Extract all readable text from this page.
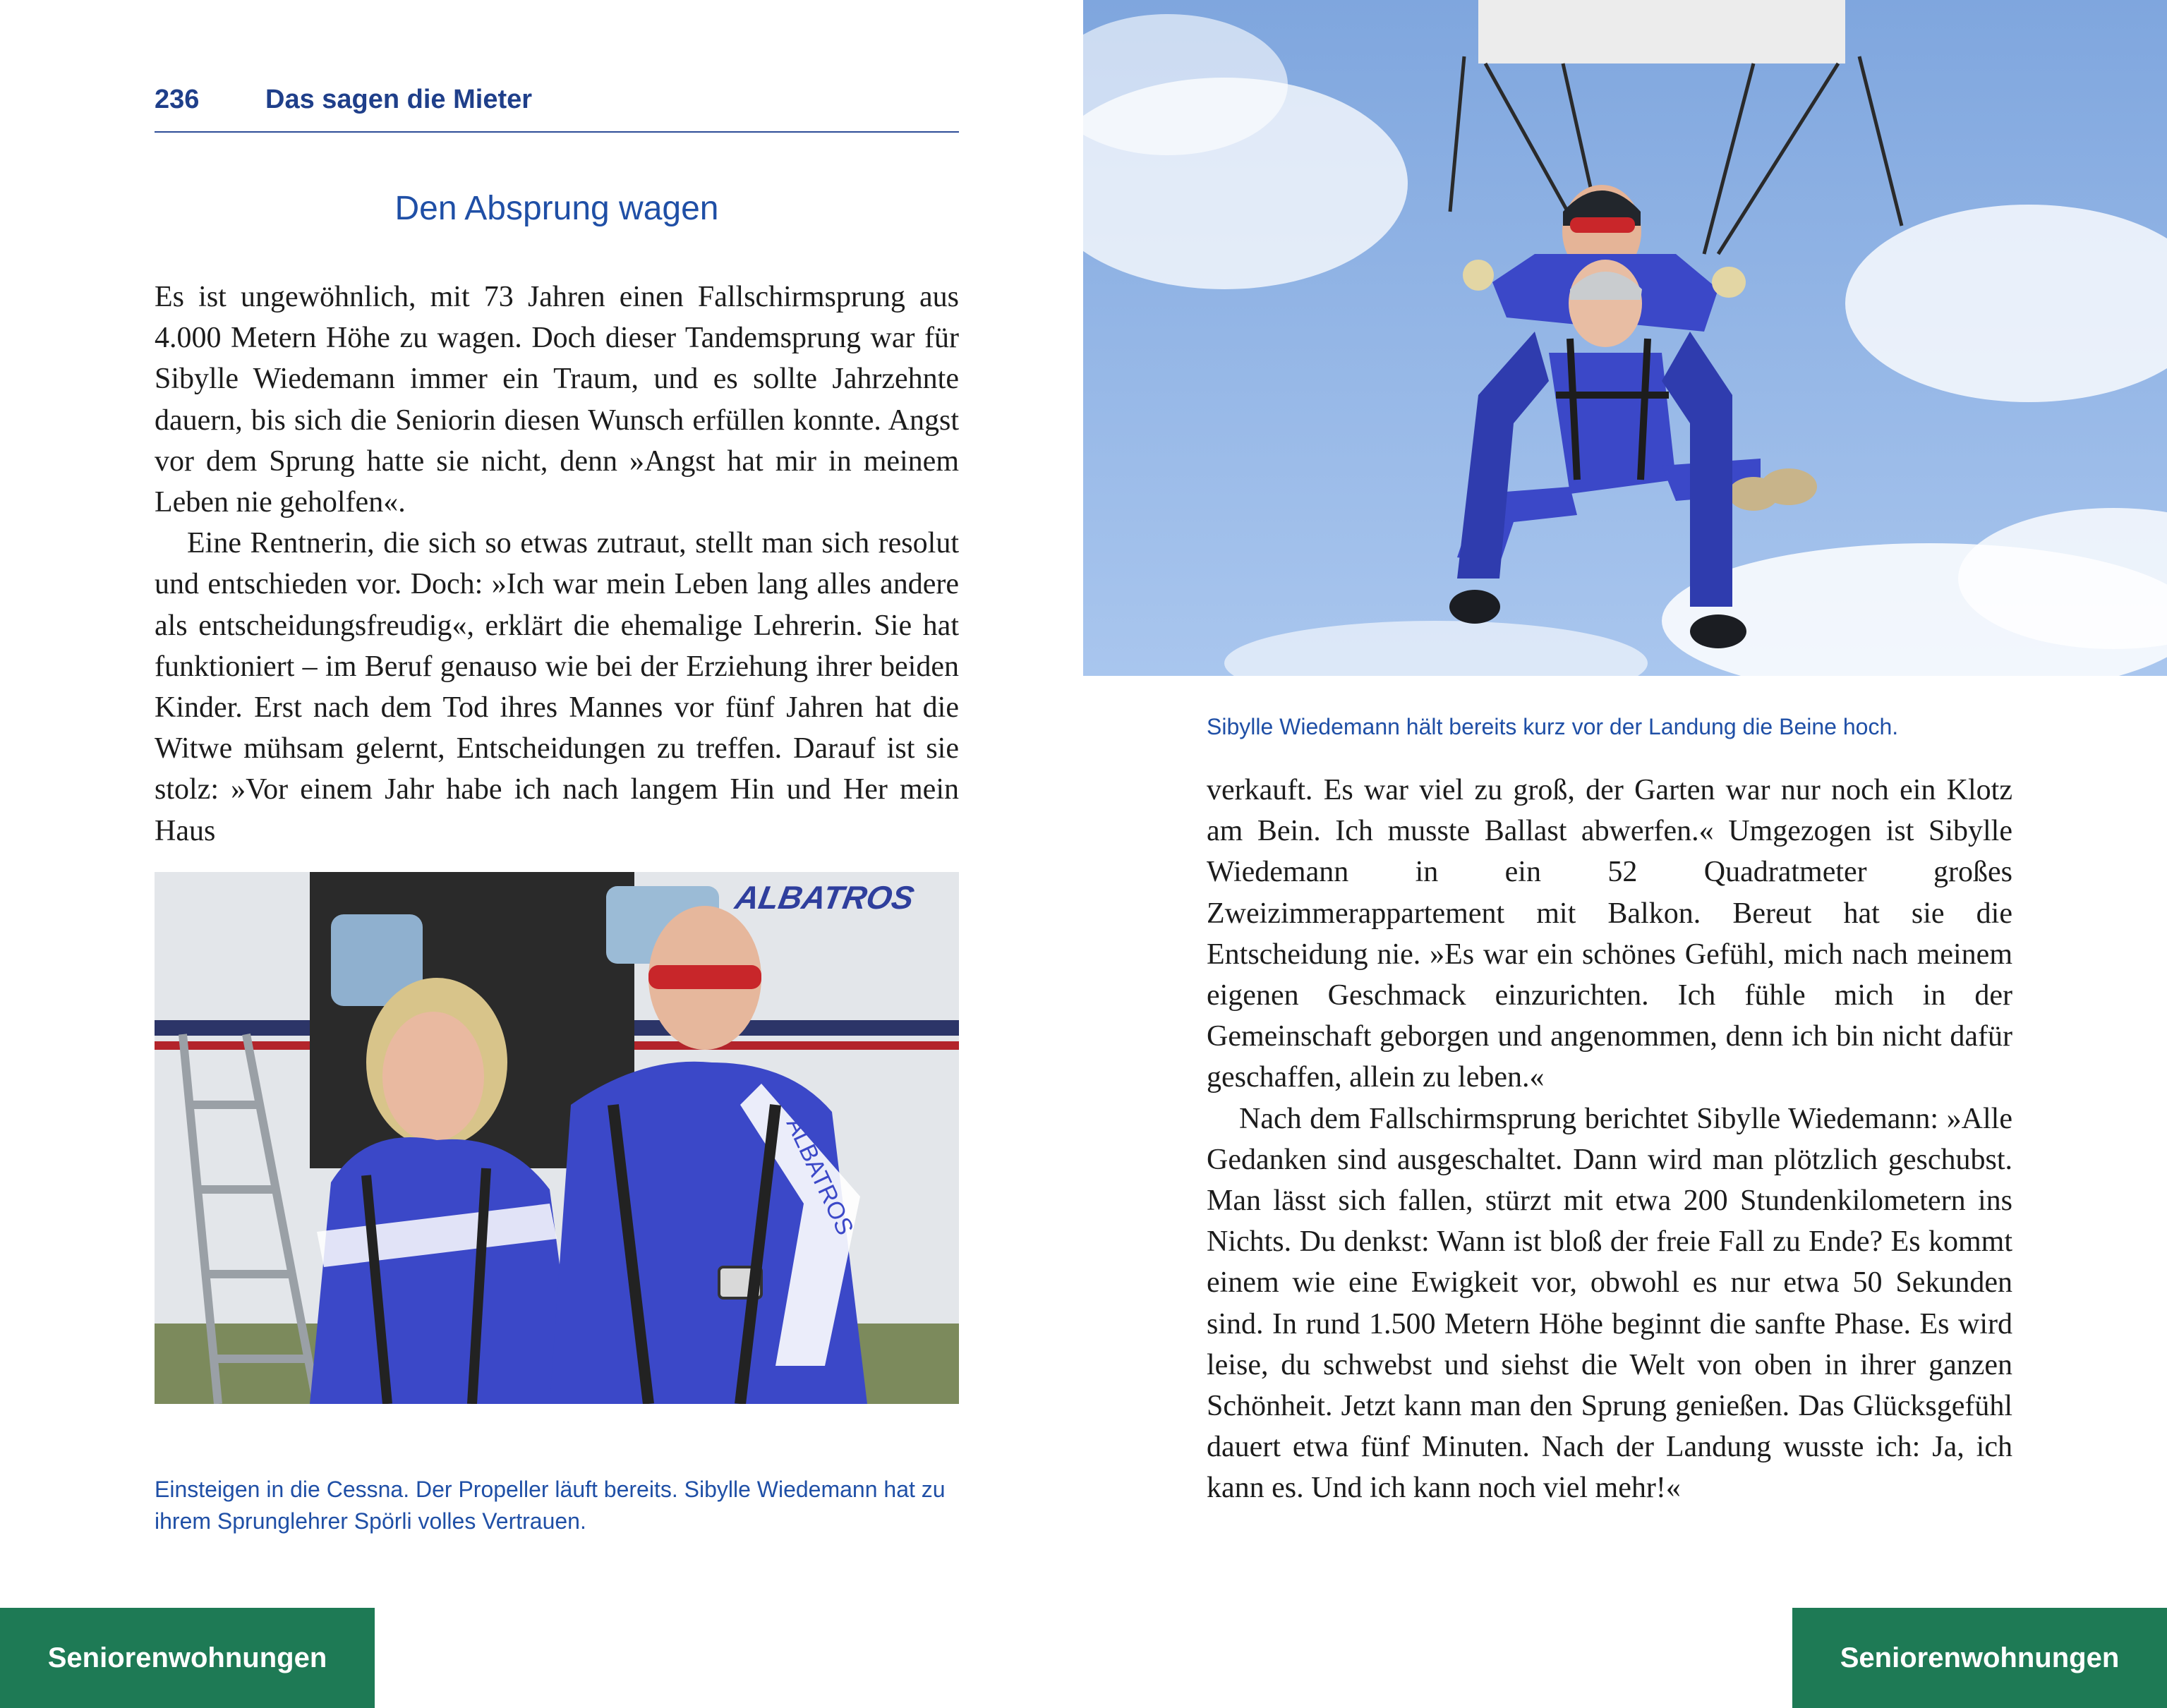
236 Das sagen die Mieter
Den Absprung wagen

Es ist ungewöhnlich, mit 73 Jahren einen Fallschirmsprung aus 4.000 Metern Höhe zu wagen. Doch dieser Tandemsprung war für Sibylle Wiedemann immer ein Traum, und es sollte Jahrzehnte dauern, bis sich die Seniorin diesen Wunsch erfüllen konnte. Angst vor dem Sprung hatte sie nicht, denn »Angst hat mir in meinem Leben nie geholfen«.

Eine Rentnerin, die sich so etwas zutraut, stellt man sich resolut und entschieden vor. Doch: »Ich war mein Leben lang alles andere als entscheidungsfreudig«, erklärt die ehemalige Lehrerin. Sie hat funktioniert – im Beruf genauso wie bei der Erziehung ihrer beiden Kinder. Erst nach dem Tod ihres Mannes vor fünf Jahren hat die Witwe mühsam gelernt, Entscheidungen zu treffen. Darauf ist sie stolz: »Vor einem Jahr habe ich nach langem Hin und Her mein Haus

ALBATROS
ALBATROS
Einsteigen in die Cessna. Der Propeller läuft bereits. Sibylle Wiedemann hat zu ihrem Sprunglehrer Spörli volles Vertrauen.
Sibylle Wiedemann hält bereits kurz vor der Landung die Beine hoch.

verkauft. Es war viel zu groß, der Garten war nur noch ein Klotz am Bein. Ich musste Ballast abwerfen.« Umgezogen ist Sibylle Wiedemann in ein 52 Quadratmeter großes Zweizimmerappartement mit Balkon. Bereut hat sie die Entscheidung nie. »Es war ein schönes Gefühl, mich nach meinem eigenen Geschmack einzurichten. Ich fühle mich in der Gemeinschaft geborgen und angenommen, denn ich bin nicht dafür geschaffen, allein zu leben.«

Nach dem Fallschirmsprung berichtet Sibylle Wiedemann: »Alle Gedanken sind ausgeschaltet. Dann wird man plötzlich geschubst. Man lässt sich fallen, stürzt mit etwa 200 Stundenkilometern ins Nichts. Du denkst: Wann ist bloß der freie Fall zu Ende? Es kommt einem wie eine Ewigkeit vor, obwohl es nur etwa 50 Sekunden sind. In rund 1.500 Metern Höhe beginnt die sanfte Phase. Es wird leise, du schwebst und siehst die Welt von oben in ihrer ganzen Schönheit. Jetzt kann man den Sprung genießen. Das Glücksgefühl dauert etwa fünf Minuten. Nach der Landung wusste ich: Ja, ich kann es. Und ich kann noch viel mehr!«

Seniorenwohnungen	Seniorenwohnungen
